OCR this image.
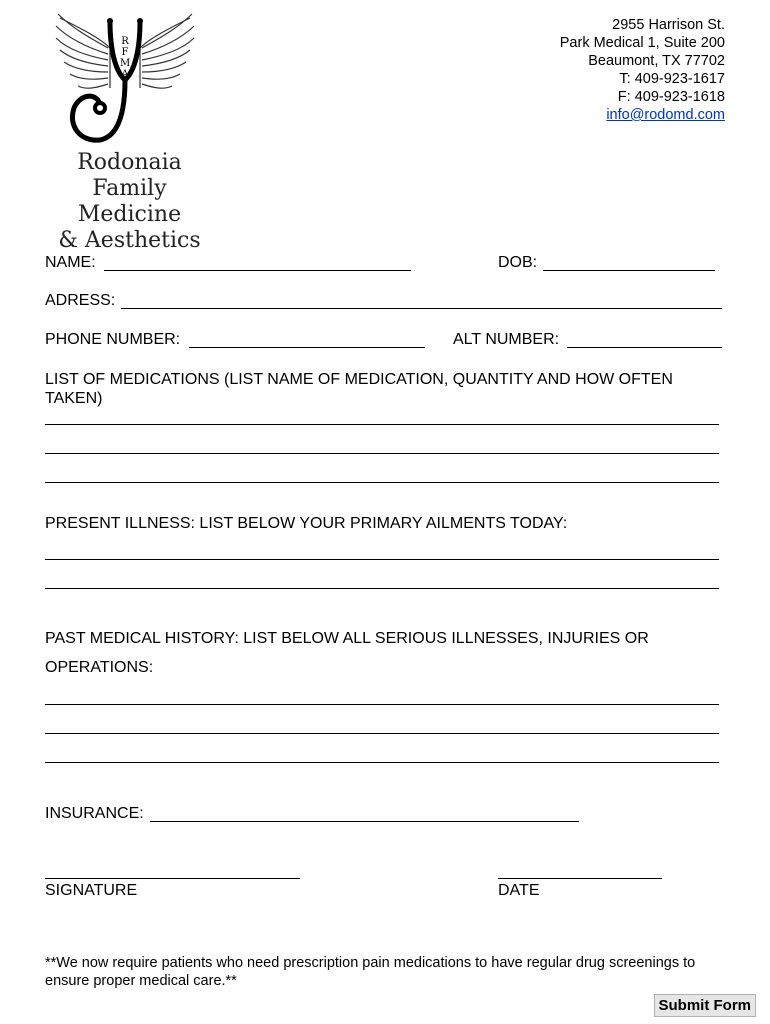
RFMA
Rodonaia
Family Medicine
& Aesthetics
2955 Harrison St.
Park Medical 1, Suite 200
Beaumont, TX 77702
T: 409-923-1617
F: 409-923-1618
info@rodomd.com
NAME:	DOB:
ADRESS:
PHONE NUMBER:	ALT NUMBER:
LIST OF MEDICATIONS (LIST NAME OF MEDICATION, QUANTITY AND HOW OFTEN TAKEN)
PRESENT ILLNESS: LIST BELOW YOUR PRIMARY AILMENTS TODAY:
PAST MEDICAL HISTORY: LIST BELOW ALL SERIOUS ILLNESSES, INJURIES OR
OPERATIONS:
INSURANCE:
SIGNATURE	DATE
**We now require patients who need prescription pain medications to have regular drug screenings to ensure proper medical care.**
Submit Form
